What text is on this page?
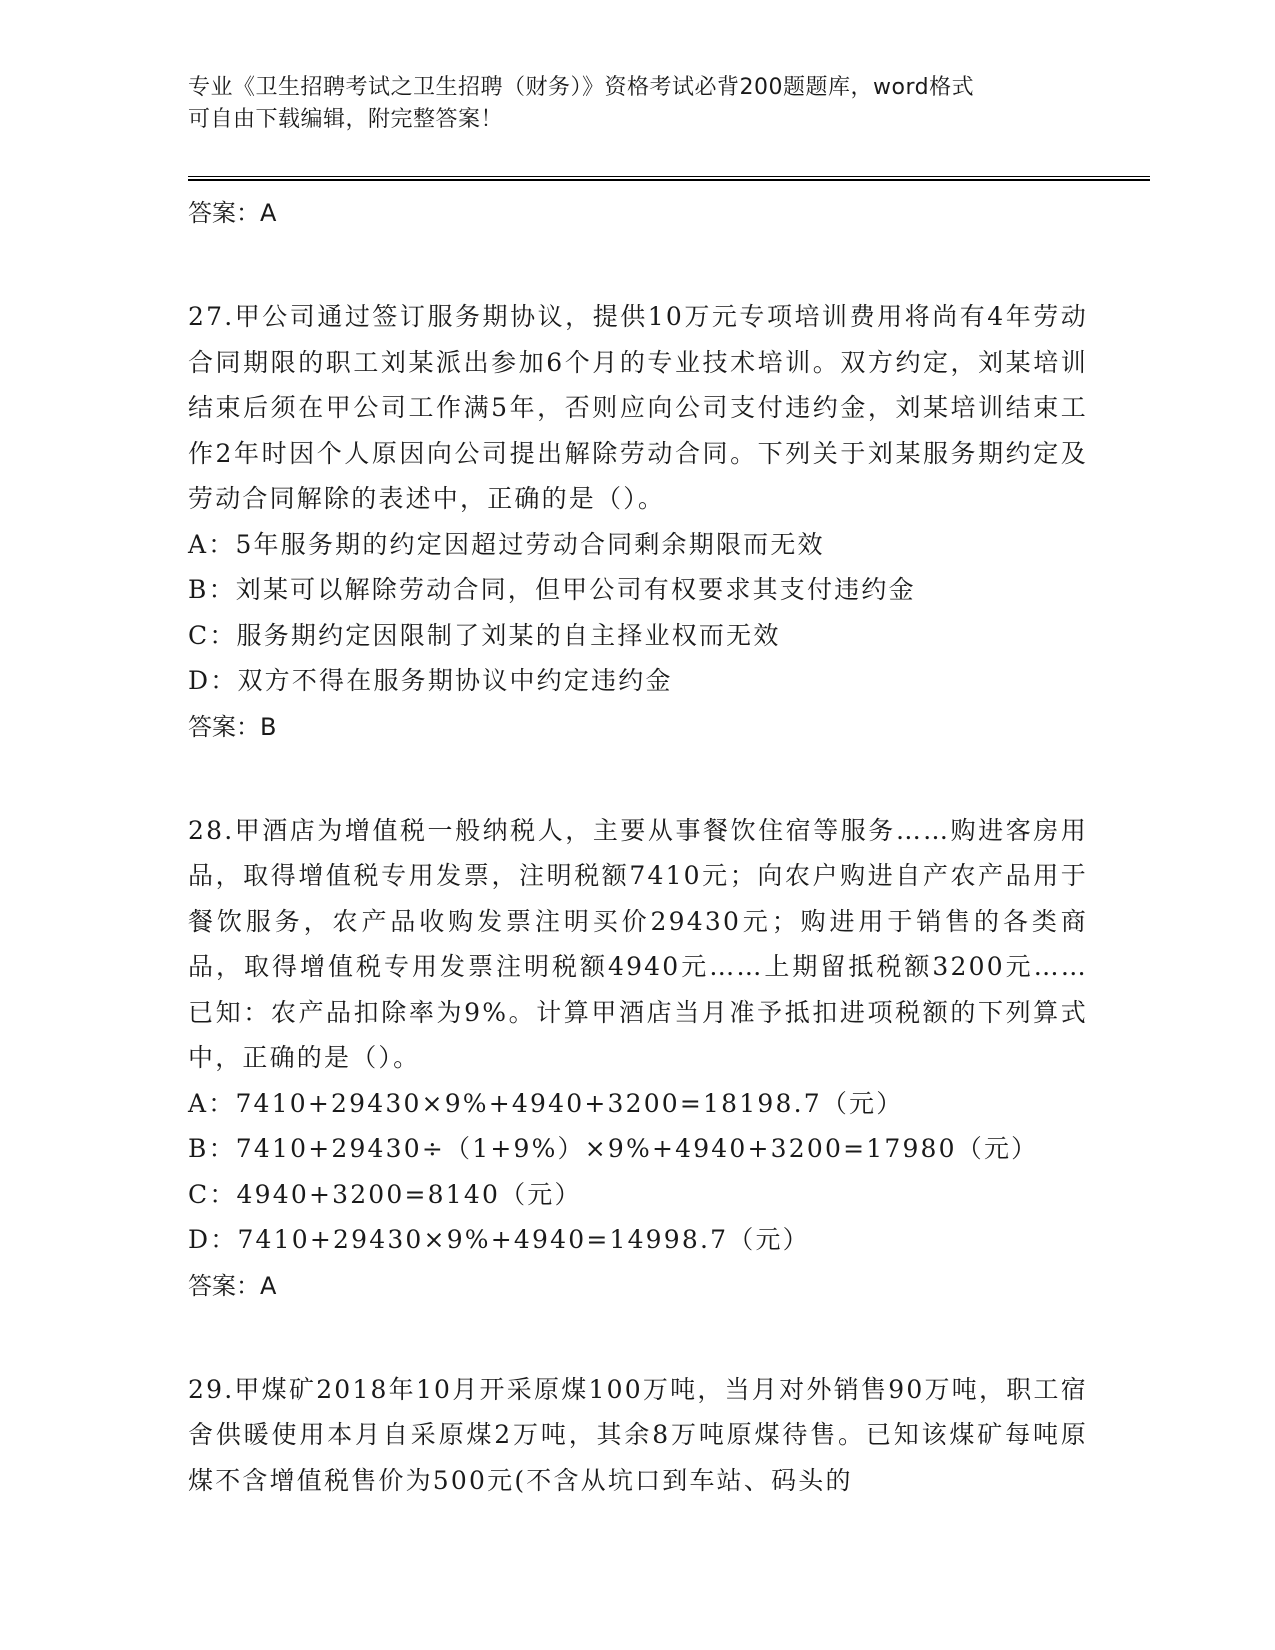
专业《卫生招聘考试之卫生招聘（财务）》资格考试必背200题题库，word格式
可自由下载编辑，附完整答案！
答案：A
27.甲公司通过签订服务期协议，提供10万元专项培训费用将尚有4年劳动合同期限的职工刘某派出参加6个月的专业技术培训。双方约定，刘某培训结束后须在甲公司工作满5年，否则应向公司支付违约金，刘某培训结束工作2年时因个人原因向公司提出解除劳动合同。下列关于刘某服务期约定及劳动合同解除的表述中，正确的是（）。
A：5年服务期的约定因超过劳动合同剩余期限而无效
B：刘某可以解除劳动合同，但甲公司有权要求其支付违约金
C：服务期约定因限制了刘某的自主择业权而无效
D：双方不得在服务期协议中约定违约金
答案：B
28.甲酒店为增值税一般纳税人，主要从事餐饮住宿等服务……购进客房用品，取得增值税专用发票，注明税额7410元；向农户购进自产农产品用于餐饮服务，农产品收购发票注明买价29430元；购进用于销售的各类商品，取得增值税专用发票注明税额4940元……上期留抵税额3200元……已知：农产品扣除率为9%。计算甲酒店当月准予抵扣进项税额的下列算式中，正确的是（）。
A：7410+29430×9%+4940+3200=18198.7（元）
B：7410+29430÷（1+9%）×9%+4940+3200=17980（元）
C：4940+3200=8140（元）
D：7410+29430×9%+4940=14998.7（元）
答案：A
29.甲煤矿2018年10月开采原煤100万吨，当月对外销售90万吨，职工宿舍供暖使用本月自采原煤2万吨，其余8万吨原煤待售。已知该煤矿每吨原煤不含增值税售价为500元(不含从坑口到车站、码头的
